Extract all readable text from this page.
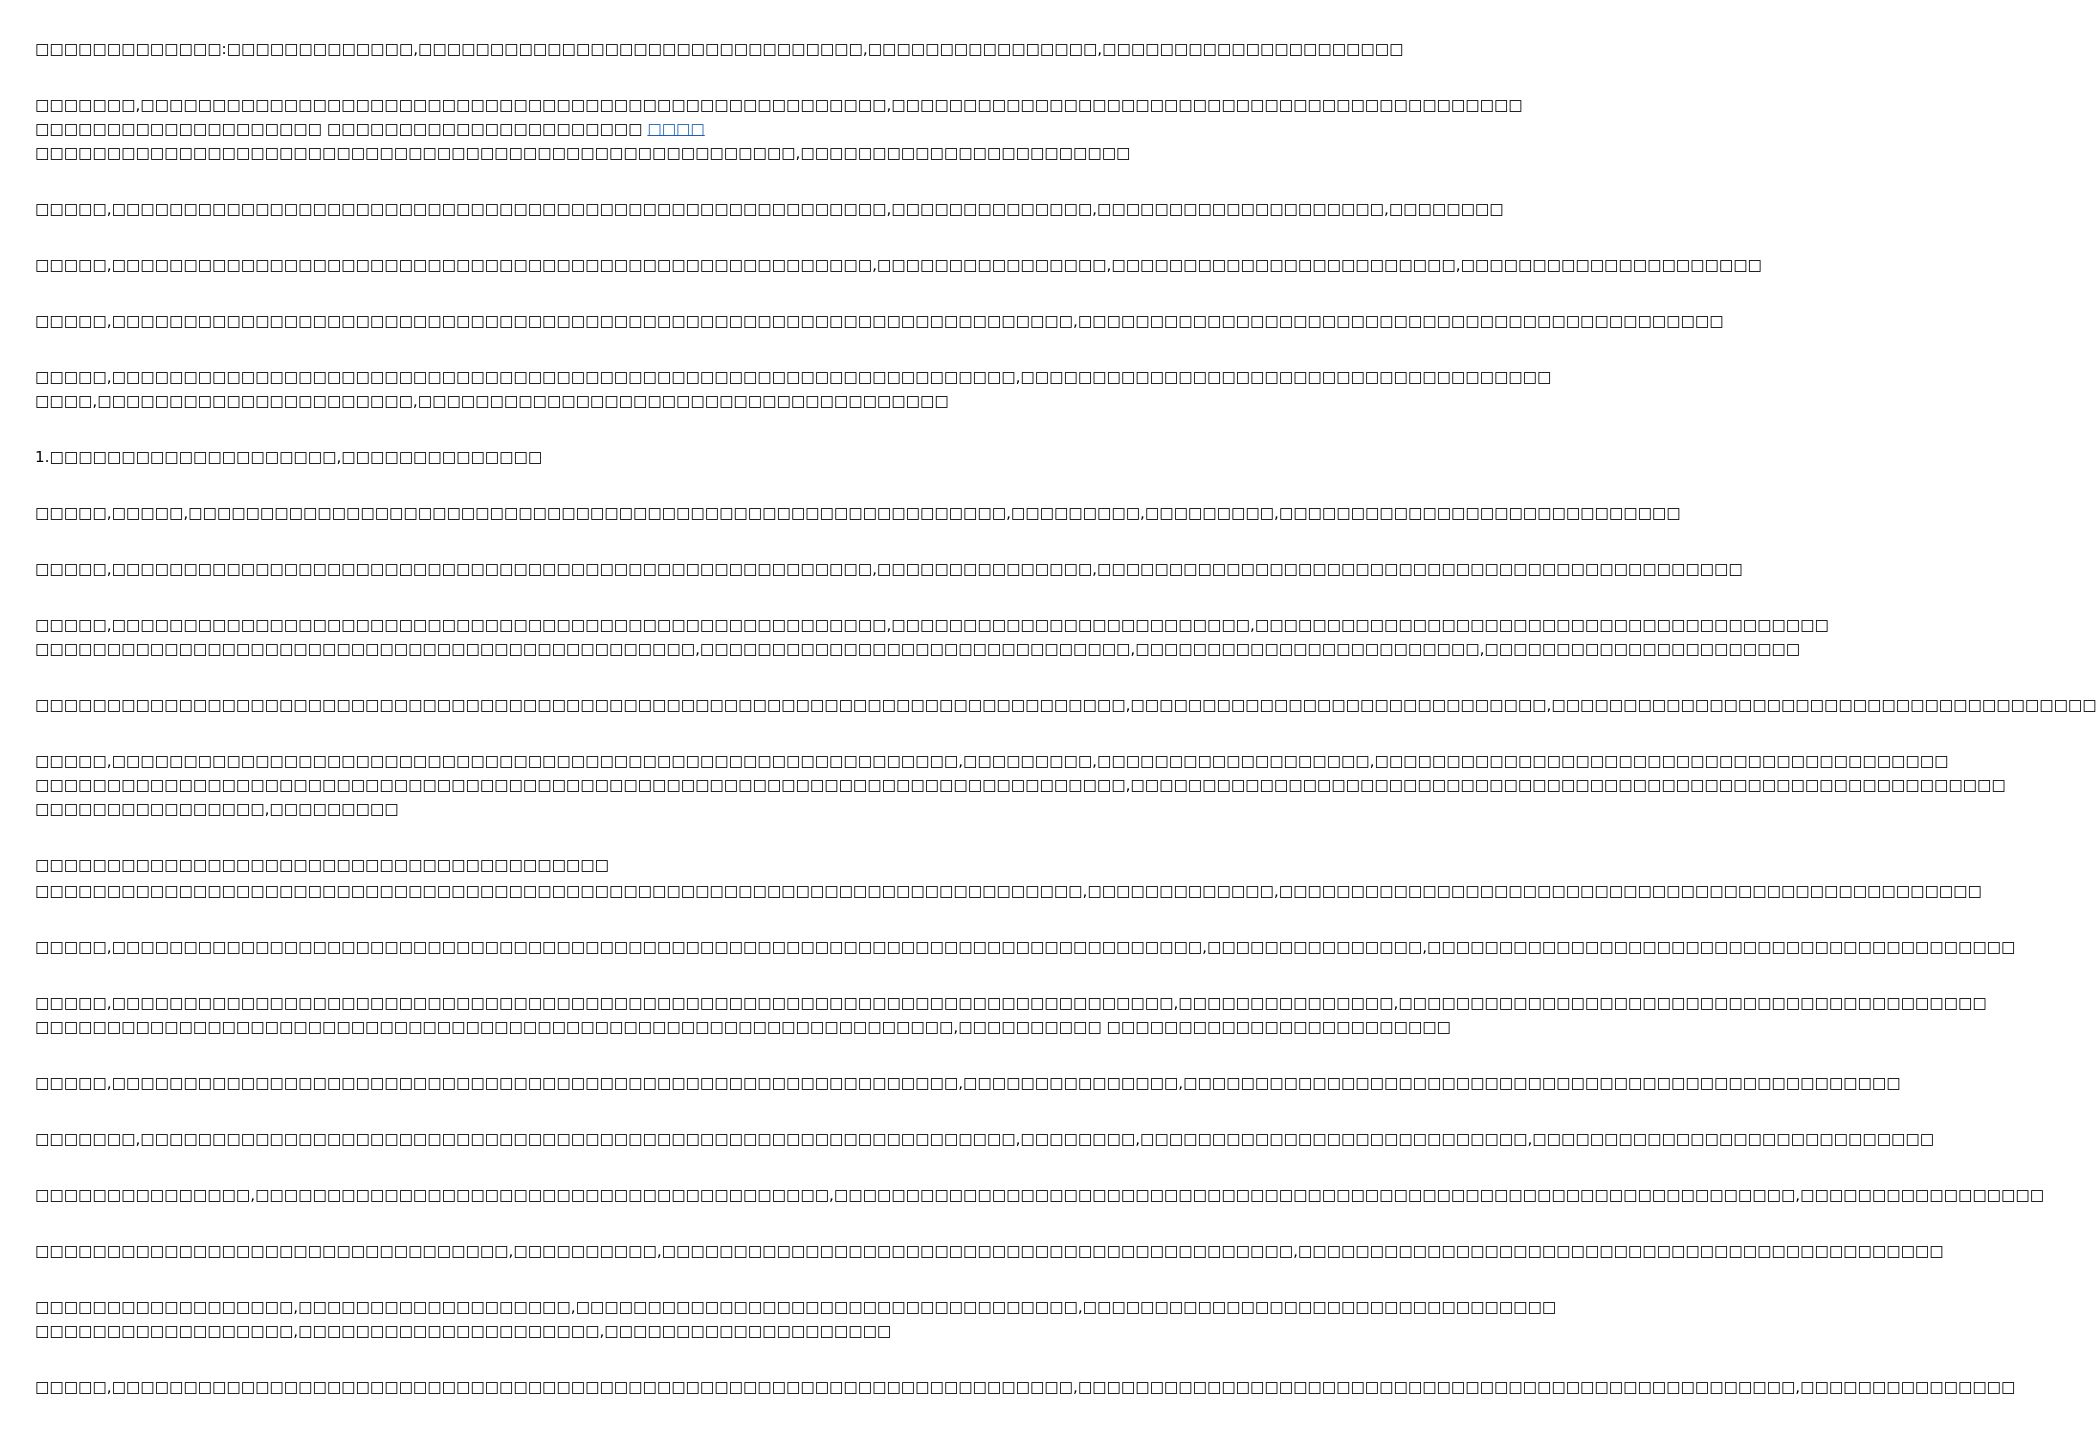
□□□□□□□□□□□□□:□□□□□□□□□□□□□,□□□□□□□□□□□□□□□□□□□□□□□□□□□□□□□,□□□□□□□□□□□□□□□□,□□□□□□□□□□□□□□□□□□□□□

□□□□□□□,□□□□□□□□□□□□□□□□□□□□□□□□□□□□□□□□□□□□□□□□□□□□□□□□□□□□,□□□□□□□□□□□□□□□□□□□□□□□□□□□□□□□□□□□□□□□□□□□□
□□□□□□□□□□□□□□□□□□□□ □□□□□□□□□□□□□□□□□□□□□□ □□□□
□□□□□□□□□□□□□□□□□□□□□□□□□□□□□□□□□□□□□□□□□□□□□□□□□□□□□,□□□□□□□□□□□□□□□□□□□□□□□

□□□□□,□□□□□□□□□□□□□□□□□□□□□□□□□□□□□□□□□□□□□□□□□□□□□□□□□□□□□□,□□□□□□□□□□□□□□,□□□□□□□□□□□□□□□□□□□□,□□□□□□□□

□□□□□,□□□□□□□□□□□□□□□□□□□□□□□□□□□□□□□□□□□□□□□□□□□□□□□□□□□□□,□□□□□□□□□□□□□□□□,□□□□□□□□□□□□□□□□□□□□□□□□,□□□□□□□□□□□□□□□□□□□□□

□□□□□,□□□□□□□□□□□□□□□□□□□□□□□□□□□□□□□□□□□□□□□□□□□□□□□□□□□□□□□□□□□□□□□□□□□,□□□□□□□□□□□□□□□□□□□□□□□□□□□□□□□□□□□□□□□□□□□□□

□□□□□,□□□□□□□□□□□□□□□□□□□□□□□□□□□□□□□□□□□□□□□□□□□□□□□□□□□□□□□□□□□□□□□,□□□□□□□□□□□□□□□□□□□□□□□□□□□□□□□□□□□□□
□□□□,□□□□□□□□□□□□□□□□□□□□□□,□□□□□□□□□□□□□□□□□□□□□□□□□□□□□□□□□□□□□

1.□□□□□□□□□□□□□□□□□□□□,□□□□□□□□□□□□□□

□□□□□,□□□□□,□□□□□□□□□□□□□□□□□□□□□□□□□□□□□□□□□□□□□□□□□□□□□□□□□□□□□□□□□,□□□□□□□□□,□□□□□□□□□,□□□□□□□□□□□□□□□□□□□□□□□□□□□□

□□□□□,□□□□□□□□□□□□□□□□□□□□□□□□□□□□□□□□□□□□□□□□□□□□□□□□□□□□□,□□□□□□□□□□□□□□□,□□□□□□□□□□□□□□□□□□□□□□□□□□□□□□□□□□□□□□□□□□□□□

□□□□□,□□□□□□□□□□□□□□□□□□□□□□□□□□□□□□□□□□□□□□□□□□□□□□□□□□□□□□,□□□□□□□□□□□□□□□□□□□□□□□□□,□□□□□□□□□□□□□□□□□□□□□□□□□□□□□□□□□□□□□□□□
□□□□□□□□□□□□□□□□□□□□□□□□□□□□□□□□□□□□□□□□□□□□□□,□□□□□□□□□□□□□□□□□□□□□□□□□□□□□□,□□□□□□□□□□□□□□□□□□□□□□□□,□□□□□□□□□□□□□□□□□□□□□□

□□□□□□□□□□□□□□□□□□□□□□□□□□□□□□□□□□□□□□□□□□□□□□□□□□□□□□□□□□□□□□□□□□□□□□□□□□□□,□□□□□□□□□□□□□□□□□□□□□□□□□□□□□,□□□□□□□□□□□□□□□□□□□□□□□□□□□□□□□□□□□□□□

□□□□□,□□□□□□□□□□□□□□□□□□□□□□□□□□□□□□□□□□□□□□□□□□□□□□□□□□□□□□□□□□□,□□□□□□□□□,□□□□□□□□□□□□□□□□□□□,□□□□□□□□□□□□□□□□□□□□□□□□□□□□□□□□□□□□□□□□
□□□□□□□□□□□□□□□□□□□□□□□□□□□□□□□□□□□□□□□□□□□□□□□□□□□□□□□□□□□□□□□□□□□□□□□□□□□□,□□□□□□□□□□□□□□□□□□□□□□□□□□□□□□□□□□□□□□□□□□□□□□□□□□□□□□□□□□□□□
□□□□□□□□□□□□□□□□,□□□□□□□□□

□□□□□□□□□□□□□□□□□□□□□□□□□□□□□□□□□□□□□□□□

□□□□□□□□□□□□□□□□□□□□□□□□□□□□□□□□□□□□□□□□□□□□□□□□□□□□□□□□□□□□□□□□□□□□□□□□□,□□□□□□□□□□□□□,□□□□□□□□□□□□□□□□□□□□□□□□□□□□□□□□□□□□□□□□□□□□□□□□□

□□□□□,□□□□□□□□□□□□□□□□□□□□□□□□□□□□□□□□□□□□□□□□□□□□□□□□□□□□□□□□□□□□□□□□□□□□□□□□□□□□,□□□□□□□□□□□□□□□,□□□□□□□□□□□□□□□□□□□□□□□□□□□□□□□□□□□□□□□□□

□□□□□,□□□□□□□□□□□□□□□□□□□□□□□□□□□□□□□□□□□□□□□□□□□□□□□□□□□□□□□□□□□□□□□□□□□□□□□□□□,□□□□□□□□□□□□□□□,□□□□□□□□□□□□□□□□□□□□□□□□□□□□□□□□□□□□□□□□□
□□□□□□□□□□□□□□□□□□□□□□□□□□□□□□□□□□□□□□□□□□□□□□□□□□□□□□□□□□□□□□□□,□□□□□□□□□□ □□□□□□□□□□□□□□□□□□□□□□□□

□□□□□,□□□□□□□□□□□□□□□□□□□□□□□□□□□□□□□□□□□□□□□□□□□□□□□□□□□□□□□□□□□,□□□□□□□□□□□□□□□,□□□□□□□□□□□□□□□□□□□□□□□□□□□□□□□□□□□□□□□□□□□□□□□□□□

□□□□□□□,□□□□□□□□□□□□□□□□□□□□□□□□□□□□□□□□□□□□□□□□□□□□□□□□□□□□□□□□□□□□□,□□□□□□□□,□□□□□□□□□□□□□□□□□□□□□□□□□□□,□□□□□□□□□□□□□□□□□□□□□□□□□□□□

□□□□□□□□□□□□□□□,□□□□□□□□□□□□□□□□□□□□□□□□□□□□□□□□□□□□□□□□,□□□□□□□□□□□□□□□□□□□□□□□□□□□□□□□□□□□□□□□□□□□□□□□□□□□□□□□□□□□□□□□□□□□,□□□□□□□□□□□□□□□□□

□□□□□□□□□□□□□□□□□□□□□□□□□□□□□□□□□,□□□□□□□□□□,□□□□□□□□□□□□□□□□□□□□□□□□□□□□□□□□□□□□□□□□□□□□,□□□□□□□□□□□□□□□□□□□□□□□□□□□□□□□□□□□□□□□□□□□□□

□□□□□□□□□□□□□□□□□□,□□□□□□□□□□□□□□□□□□□,□□□□□□□□□□□□□□□□□□□□□□□□□□□□□□□□□□□,□□□□□□□□□□□□□□□□□□□□□□□□□□□□□□□□□
□□□□□□□□□□□□□□□□□□,□□□□□□□□□□□□□□□□□□□□□,□□□□□□□□□□□□□□□□□□□□

□□□□□,□□□□□□□□□□□□□□□□□□□□□□□□□□□□□□□□□□□□□□□□□□□□□□□□□□□□□□□□□□□□□□□□□□□,□□□□□□□□□□□□□□□□□□□□□□□□□□□□□□□□□□□□□□□□□□□□□□□□□□,□□□□□□□□□□□□□□□
